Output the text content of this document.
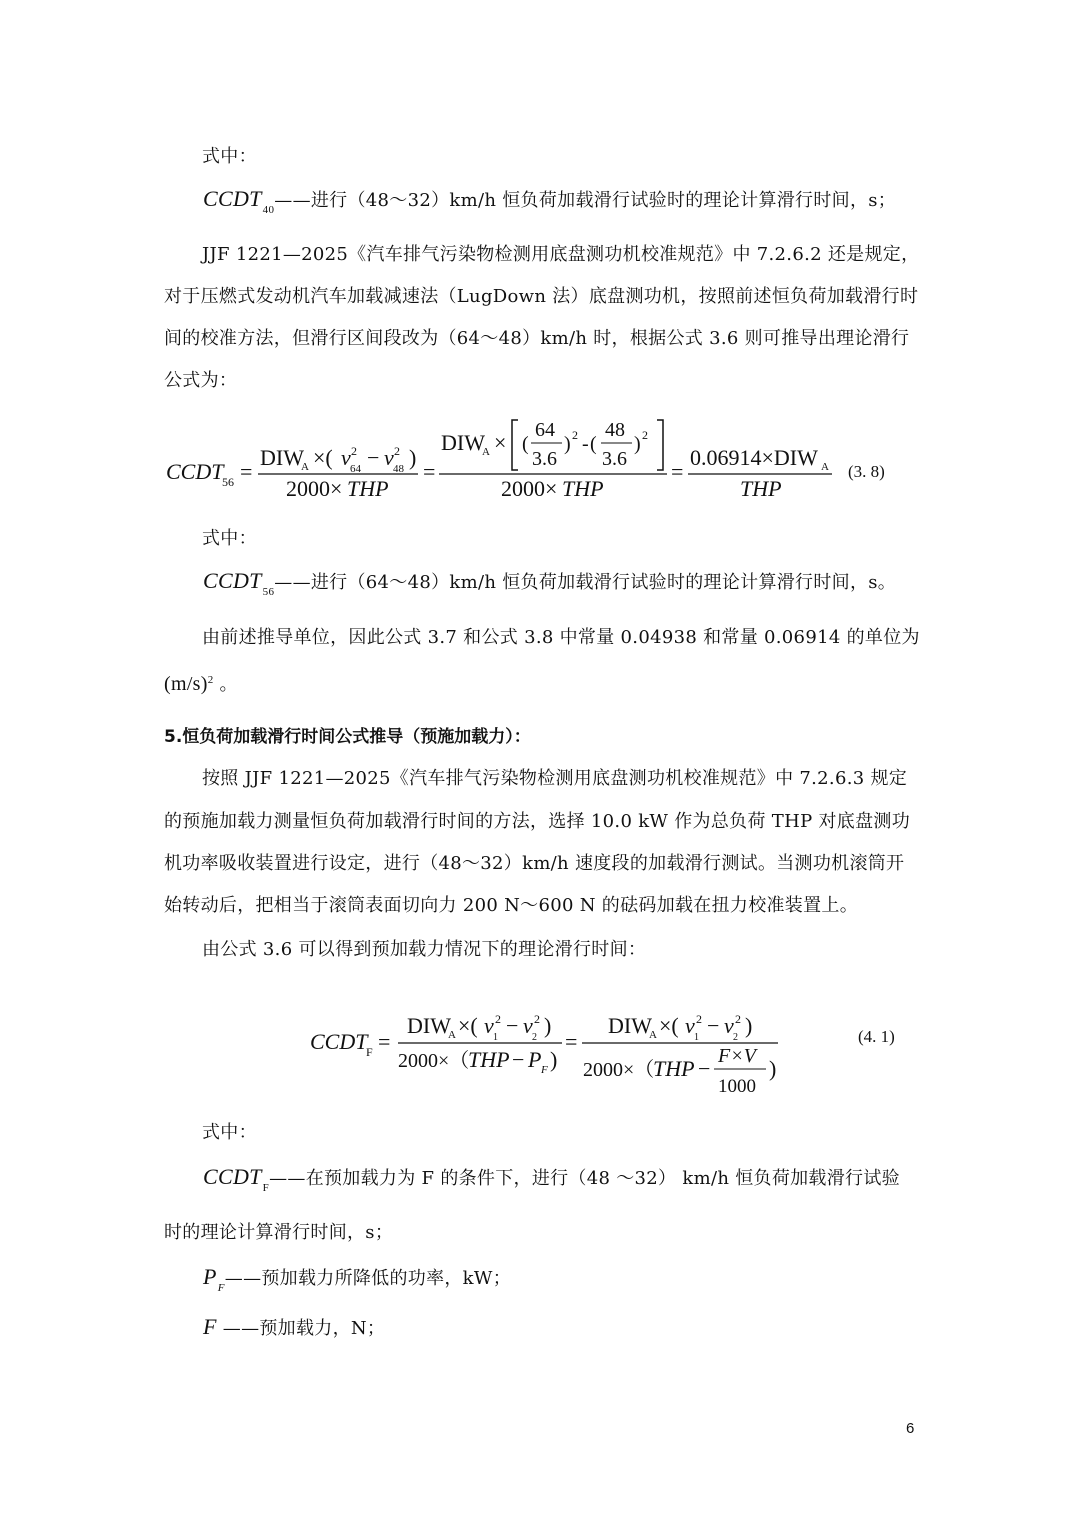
式中：
$CCDT_{40}——$进行（48～32）km/h 恒负荷加载滑行试验时的理论计算滑行时间，s；
JJF 1221—2025《汽车排气污染物检测用底盘测功机校准规范》中 7.2.6.2 还是规定，
对于压燃式发动机汽车加载减速法（LugDown 法）底盘测功机，按照前述恒负荷加载滑行时
间的校准方法，但滑行区间段改为（64～48）km/h 时，根据公式 3.6 则可推导出理论滑行
公式为：
CCDT
56 =
DIW
A ×( v 2
64 − v 2
48 )
2000× THP
=
DIW
A × (
64
3.6
) 2 - (
48
3.6
) 2
2000× THP
=
0.06914×DIW A
THP
(3. 8)
式中：
$CCDT_{56}——$进行（64～48）km/h 恒负荷加载滑行试验时的理论计算滑行时间，s。
由前述推导单位，因此公式 3.7 和公式 3.8 中常量 0.04938 和常量 0.06914 的单位为
$(m/s)^2$ 。
5.恒负荷加载滑行时间公式推导（预施加载力）：
按照 JJF 1221—2025《汽车排气污染物检测用底盘测功机校准规范》中 7.2.6.3 规定
的预施加载力测量恒负荷加载滑行时间的方法，选择 10.0 kW 作为总负荷 THP 对底盘测功
机功率吸收装置进行设定，进行（48～32）km/h 速度段的加载滑行测试。当测功机滚筒开
始转动后，把相当于滚筒表面切向力 200 N～600 N 的砝码加载在扭力校准装置上。
由公式 3.6 可以得到预加载力情况下的理论滑行时间：
CCDT
F =
DIW
A ×( v 2
1 − v 2
2 )
2000×（
THP − P F )
=
DIW
A ×( v 2
1 − v 2
2 )
2000×（
THP − F×V
1000
)
(4. 1)
式中：
$CCDT_F——$在预加载力为 F 的条件下，进行（48 ～32） km/h 恒负荷加载滑行试验
时的理论计算滑行时间，s；
$P_F——$预加载力所降低的功率，kW；
F ——预加载力，N；
6
